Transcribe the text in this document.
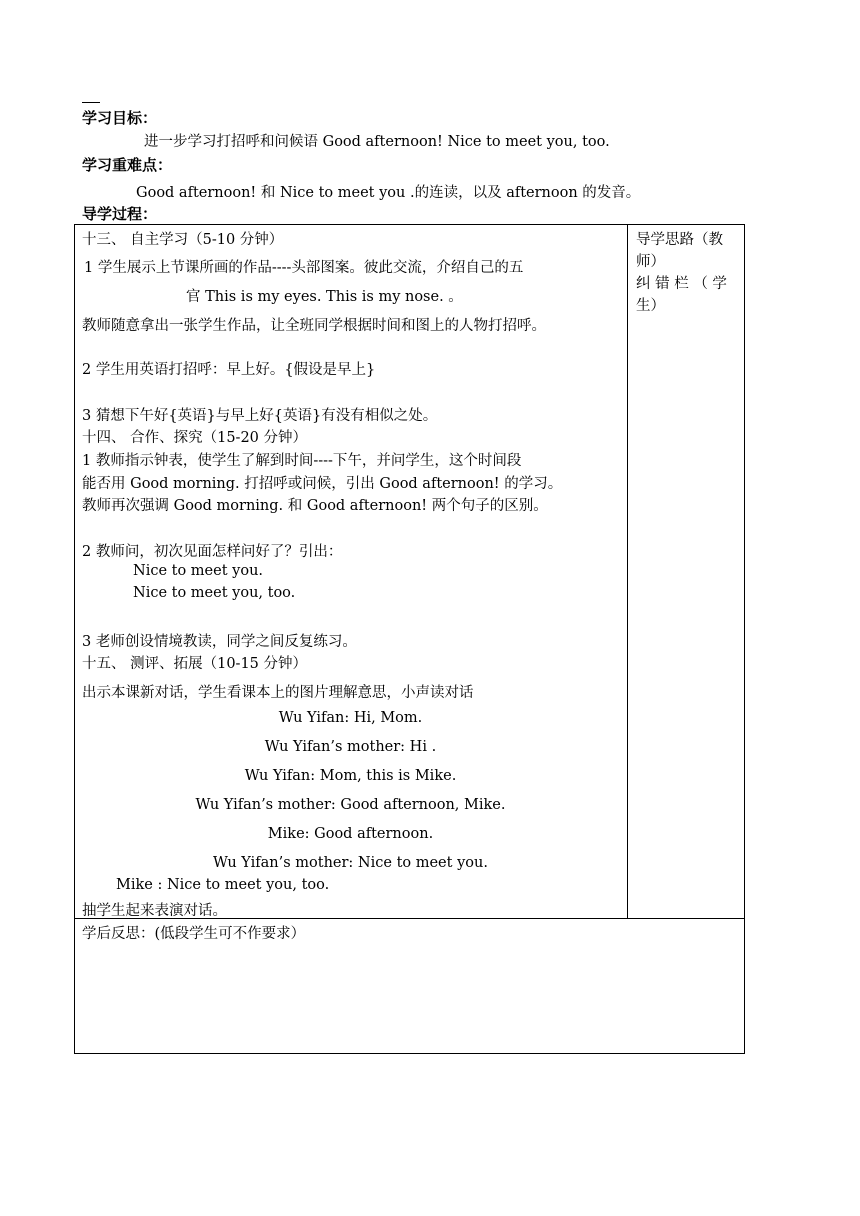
学习目标：
进一步学习打招呼和问候语 Good afternoon! Nice to meet you, too.
学习重难点：
Good afternoon! 和 Nice to meet you .的连读，以及 afternoon 的发音。
导学过程：
导学思路（教
师）
纠 错 栏 （ 学
生）
十三、 自主学习（5-10 分钟）
1 学生展示上节课所画的作品----头部图案。彼此交流，介绍自己的五
官 This is my eyes. This is my nose. 。
教师随意拿出一张学生作品，让全班同学根据时间和图上的人物打招呼。
2 学生用英语打招呼：早上好。{假设是早上}
3 猜想下午好{英语}与早上好{英语}有没有相似之处。
十四、 合作、探究（15-20 分钟）
1 教师指示钟表，使学生了解到时间----下午，并问学生，这个时间段
能否用 Good morning. 打招呼或问候，引出 Good afternoon! 的学习。
教师再次强调 Good morning. 和 Good afternoon! 两个句子的区别。
2 教师问，初次见面怎样问好了？引出：
Nice to meet you.
Nice to meet you, too.
3 老师创设情境教读，同学之间反复练习。
十五、 测评、拓展（10-15 分钟）
出示本课新对话，学生看课本上的图片理解意思，小声读对话
Wu Yifan: Hi, Mom.
Wu Yifan’s mother: Hi .
Wu Yifan: Mom, this is Mike.
Wu Yifan’s mother: Good afternoon, Mike.
Mike: Good afternoon.
Wu Yifan’s mother: Nice to meet you.
Mike : Nice to meet you, too.
抽学生起来表演对话。
学后反思：(低段学生可不作要求）
